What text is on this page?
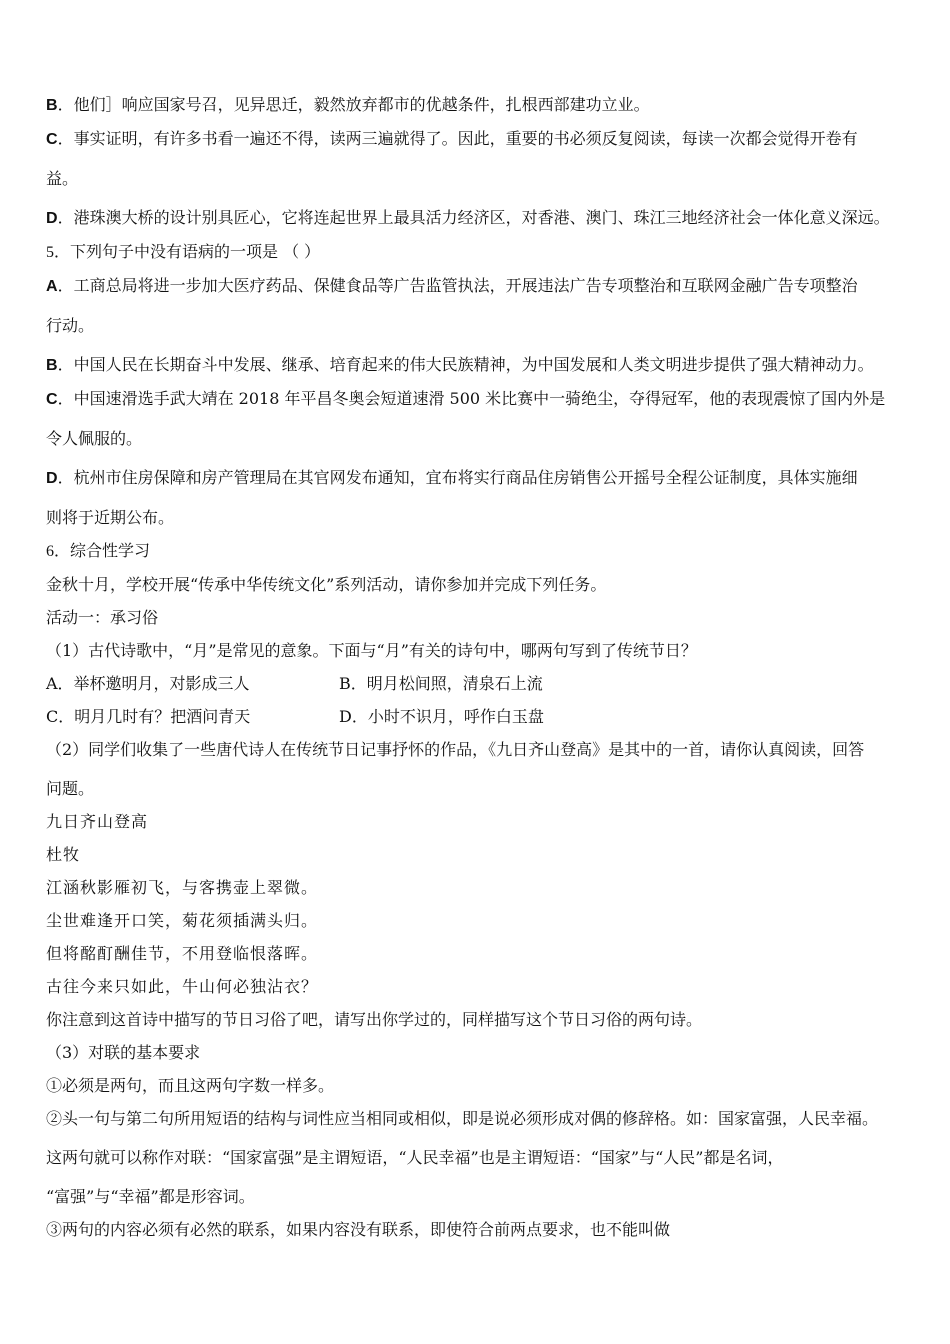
B．他们］响应国家号召，见异思迁，毅然放弃都市的优越条件，扎根西部建功立业。

C．事实证明，有许多书看一遍还不得，读两三遍就得了。因此，重要的书必须反复阅读，每读一次都会觉得开卷有

益。

D．港珠澳大桥的设计别具匠心，它将连起世界上最具活力经济区，对香港、澳门、珠江三地经济社会一体化意义深远。

5．下列句子中没有语病的一项是 （ ）

A．工商总局将进一步加大医疗药品、保健食品等广告监管执法，开展违法广告专项整治和互联网金融广告专项整治

行动。

B．中国人民在长期奋斗中发展、继承、培育起来的伟大民族精神，为中国发展和人类文明进步提供了强大精神动力。

C．中国速滑选手武大靖在 2018 年平昌冬奥会短道速滑 500 米比赛中一骑绝尘，夺得冠军，他的表现震惊了国内外是

令人佩服的。

D．杭州市住房保障和房产管理局在其官网发布通知，宜布将实行商品住房销售公开摇号全程公证制度，具体实施细

则将于近期公布。

6．综合性学习

金秋十月，学校开展“传承中华传统文化”系列活动，请你参加并完成下列任务。

活动一：承习俗

（1）古代诗歌中，“月”是常见的意象。下面与“月”有关的诗句中，哪两句写到了传统节日？

A．举杯邀明月，对影成三人	B．明月松间照，清泉石上流
C．明月几时有？把酒问青天	D．小时不识月，呼作白玉盘

（2）同学们收集了一些唐代诗人在传统节日记事抒怀的作品，《九日齐山登高》是其中的一首，请你认真阅读，回答

问题。

九日齐山登高

杜牧

江涵秋影雁初飞，与客携壶上翠微。

尘世难逢开口笑，菊花须插满头归。

但将酩酊酬佳节，不用登临恨落晖。

古往今来只如此，牛山何必独沾衣？

你注意到这首诗中描写的节日习俗了吧，请写出你学过的，同样描写这个节日习俗的两句诗。

（3）对联的基本要求

①必须是两句，而且这两句字数一样多。

②头一句与第二句所用短语的结构与词性应当相同或相似，即是说必须形成对偶的修辞格。如：国家富强，人民幸福。

这两句就可以称作对联：“国家富强”是主谓短语，“人民幸福”也是主谓短语：“国家”与“人民”都是名词，

“富强”与“幸福”都是形容词。

③两句的内容必须有必然的联系，如果内容没有联系，即使符合前两点要求，也不能叫做
